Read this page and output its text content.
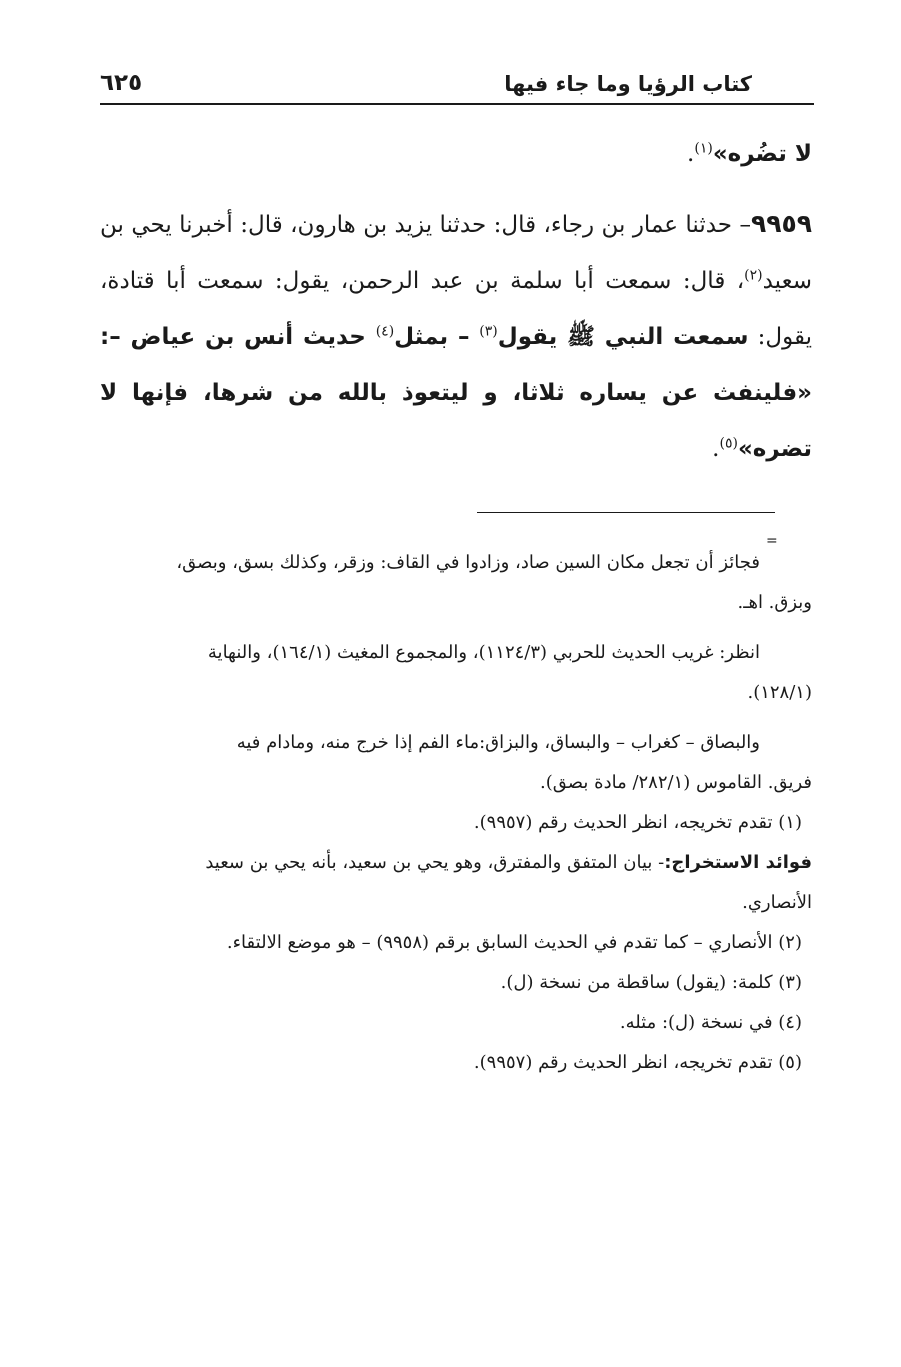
٦٢٥	كتاب الرؤيا وما جاء فيها

لا تضُره»$^{(١)}$.

٩٩٥٩– حدثنا عمار بن رجاء، قال: حدثنا يزيد بن هارون، قال: أخبرنا يحي بن سعيد$^{(٢)}$، قال: سمعت أبا سلمة بن عبد الرحمن، يقول: سمعت أبا قتادة، يقول: سمعت النبي ﷺ يقول$^{(٣)}$ – بمثل$^{(٤)}$ حديث أنس بن عياض –: «فلينفث عن يساره ثلاثا، و ليتعوذ بالله من شرها، فإنها لا تضره»$^{(٥)}$.

=

فجائز أن تجعل مكان السين صاد، وزادوا في القاف: وزقر، وكذلك بسق، وبصق،

وبزق. اهـ.

انظر: غريب الحديث للحربي (١١٢٤/٣)، والمجموع المغيث (١٦٤/١)، والنهاية

(١٢٨/١).

والبصاق – كغراب – والبساق، والبزاق:ماء الفم إذا خرج منه، ومادام فيه

فريق. القاموس (٢٨٢/١/ مادة بصق).

(١) تقدم تخريجه، انظر الحديث رقم (٩٩٥٧).

فوائد الاستخراج:- بيان المتفق والمفترق، وهو يحي بن سعيد، بأنه يحي بن سعيد

الأنصاري.

(٢) الأنصاري – كما تقدم في الحديث السابق برقم (٩٩٥٨) – هو موضع الالتقاء.

(٣) كلمة: (يقول) ساقطة من نسخة (ل).

(٤) في نسخة (ل): مثله.

(٥) تقدم تخريجه، انظر الحديث رقم (٩٩٥٧).
